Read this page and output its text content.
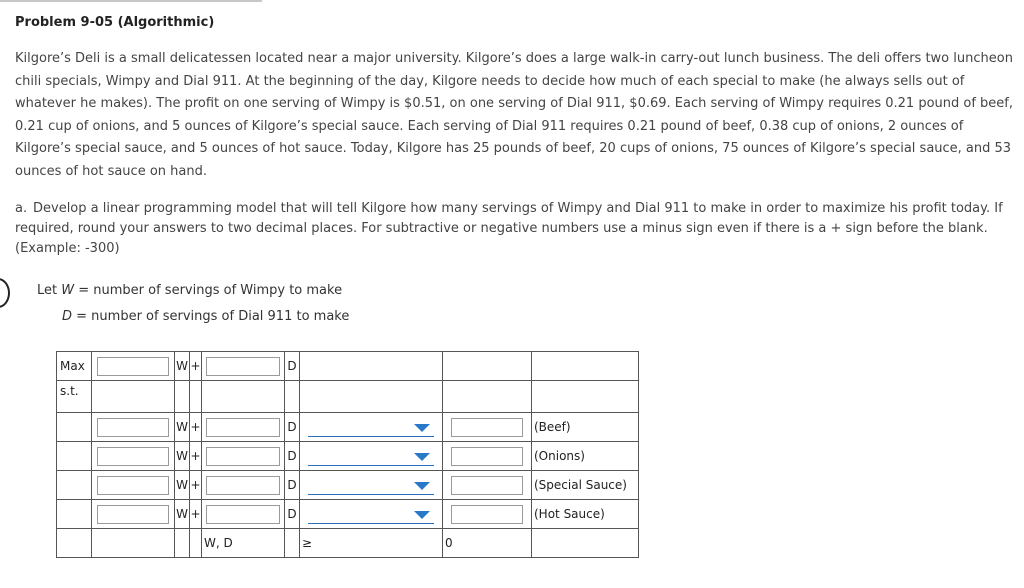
Problem 9-05 (Algorithmic)

Kilgore’s Deli is a small delicatessen located near a major university. Kilgore’s does a large walk-in carry-out lunch business. The deli offers two luncheon chili specials, Wimpy and Dial 911. At the beginning of the day, Kilgore needs to decide how much of each special to make (he always sells out of whatever he makes). The profit on one serving of Wimpy is $0.51, on one serving of Dial 911, $0.69. Each serving of Wimpy requires 0.21 pound of beef, 0.21 cup of onions, and 5 ounces of Kilgore’s special sauce. Each serving of Dial 911 requires 0.21 pound of beef, 0.38 cup of onions, 2 ounces of Kilgore’s special sauce, and 5 ounces of hot sauce. Today, Kilgore has 25 pounds of beef, 20 cups of onions, 75 ounces of Kilgore’s special sauce, and 53 ounces of hot sauce on hand.

a. Develop a linear programming model that will tell Kilgore how many servings of Wimpy and Dial 911 to make in order to maximize his profit today. If required, round your answers to two decimal places. For subtractive or negative numbers use a minus sign even if there is a + sign before the blank. (Example: -300)

Let W = number of servings of Wimpy to make
D = number of servings of Dial 911 to make
Max		W	+		D			
s.t.								

	W	+		D			(Beef)

	W	+		D			(Onions)

	W	+		D			(Special Sauce)

	W	+		D			(Hot Sauce)
				W, D		≥	0	
